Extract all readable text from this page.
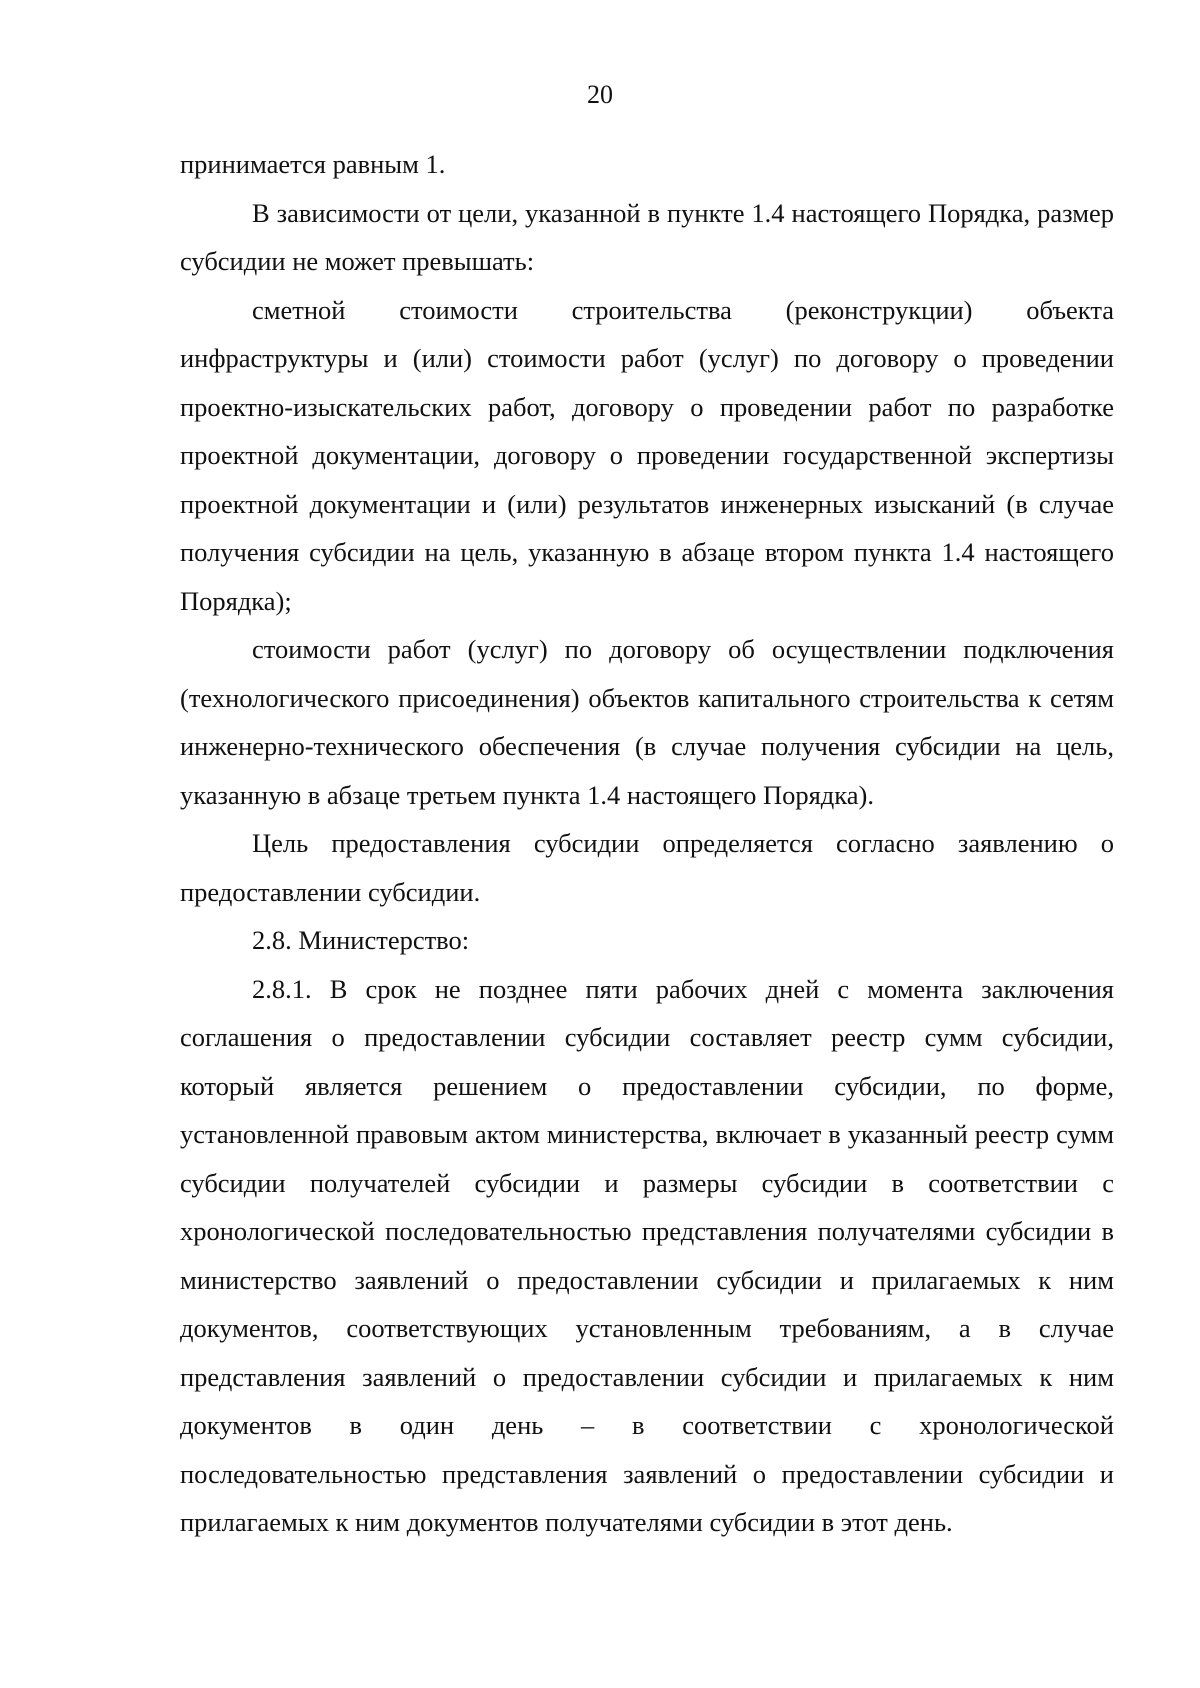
20

принимается равным 1.

В зависимости от цели, указанной в пункте 1.4 настоящего Порядка, размер субсидии не может превышать:

сметной стоимости строительства (реконструкции) объекта инфраструктуры и (или) стоимости работ (услуг) по договору о проведении проектно-изыскательских работ, договору о проведении работ по разработке проектной документации, договору о проведении государственной экспертизы проектной документации и (или) результатов инженерных изысканий (в случае получения субсидии на цель, указанную в абзаце втором пункта 1.4 настоящего Порядка);

стоимости работ (услуг) по договору об осуществлении подключения (технологического присоединения) объектов капитального строительства к сетям инженерно-технического обеспечения (в случае получения субсидии на цель, указанную в абзаце третьем пункта 1.4 настоящего Порядка).

Цель предоставления субсидии определяется согласно заявлению о предоставлении субсидии.

2.8. Министерство:

2.8.1. В срок не позднее пяти рабочих дней с момента заключения соглашения о предоставлении субсидии составляет реестр сумм субсидии, который является решением о предоставлении субсидии, по форме, установленной правовым актом министерства, включает в указанный реестр сумм субсидии получателей субсидии и размеры субсидии в соответствии с хронологической последовательностью представления получателями субсидии в министерство заявлений о предоставлении субсидии и прилагаемых к ним документов, соответствующих установленным требованиям, а в случае представления заявлений о предоставлении субсидии и прилагаемых к ним документов в один день – в соответствии с хронологической последовательностью представления заявлений о предоставлении субсидии и прилагаемых к ним документов получателями субсидии в этот день.
